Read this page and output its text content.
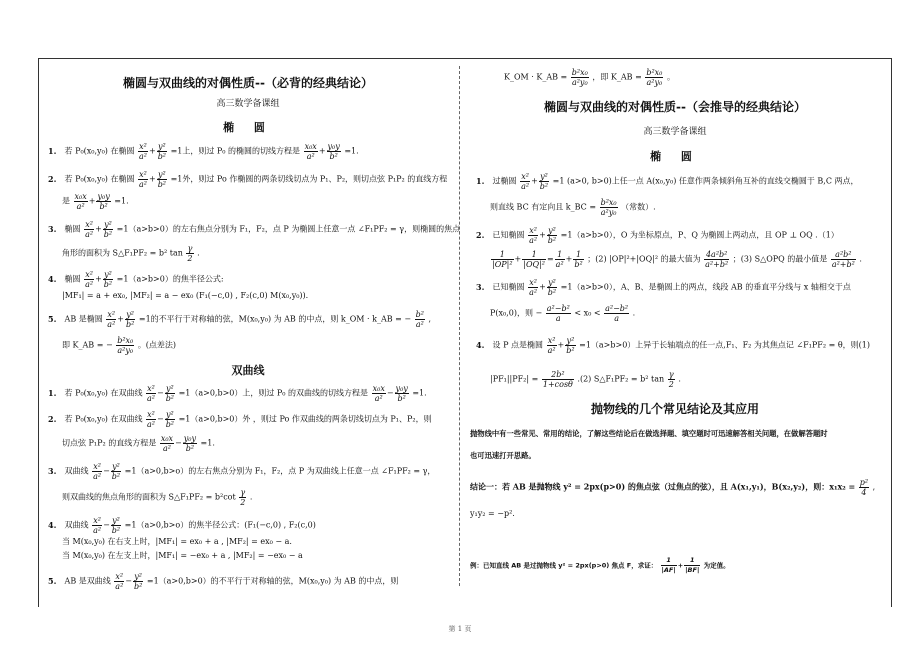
椭圆与双曲线的对偶性质--（必背的经典结论）
高三数学备课组
椭 圆
1. 若 P₀(x₀,y₀) 在椭圆 $\frac{\text{x²}}{\text{a²}} + \frac{\text{y²}}{\text{b²}} =1$上，则过 P₀ 的椭圆的切线方程是 $\frac{\text{x₀x}}{\text{a²}} + \frac{\text{y₀y}}{\text{b²}} =1$.
2. 若 P₀(x₀,y₀) 在椭圆 $\frac{\text{x²}}{\text{a²}} + \frac{\text{y²}}{\text{b²}} =1$外，则过 Po 作椭圆的两条切线切点为 P₁、P₂，则切点弦 P₁P₂ 的直线方程
是 $\frac{\text{x₀x}}{\text{a²}} + \frac{\text{y₀y}}{\text{b²}} =1$.
3. 椭圆 $\frac{\text{x²}}{\text{a²}} + \frac{\text{y²}}{\text{b²}} =1(a>b>0)$的左右焦点分别为 F₁，F₂，点 P 为椭圆上任意一点 ∠F₁PF₂ = γ，则椭圆的焦点
角形的面积为 S△F₁PF₂ = b² $\tan \frac{\gamma}{2}$ .
4. 椭圆 $\frac{\text{x²}}{\text{a²}} + \frac{\text{y²}}{\text{b²}} =1(a>b>0)$的焦半径公式:
|MF₁| = a + ex₀, |MF₂| = a − ex₀ (F₁(−c,0) , F₂(c,0) M(x₀,y₀)).
5. AB 是椭圆 $\frac{\text{x²}}{\text{a²}} + \frac{\text{y²}}{\text{b²}} =1$的不平行于对称轴的弦，M(x₀,y₀) 为 AB 的中点，则 k_OM · k_AB = − $\frac{\text{b²}}{\text{a²}}$ ,
即 K_AB = − $\frac{\text{b²x₀}}{\text{a²y₀}}$ 。(点差法)
双曲线
1. 若 P₀(x₀,y₀) 在双曲线 $\frac{\text{x²}}{\text{a²}} - \frac{\text{y²}}{\text{b²}} =1(a>0,b>0)$上，则过 P₀ 的双曲线的切线方程是 $\frac{\text{x₀x}}{\text{a²}} - \frac{\text{y₀y}}{\text{b²}} =1$.
2. 若 P₀(x₀,y₀) 在双曲线 $\frac{\text{x²}}{\text{a²}} - \frac{\text{y²}}{\text{b²}} =1(a>0,b>0)$外 ，则过 Po 作双曲线的两条切线切点为 P₁、P₂，则
切点弦 P₁P₂ 的直线方程是 $\frac{\text{x₀x}}{\text{a²}} - \frac{\text{y₀y}}{\text{b²}} =1$.
3. 双曲线 $\frac{\text{x²}}{\text{a²}} - \frac{\text{y²}}{\text{b²}} =1(a>0,b>o)$的左右焦点分别为 F₁，F₂，点 P 为双曲线上任意一点 ∠F₁PF₂ = γ，
则双曲线的焦点角形的面积为 S△F₁PF₂ = $b^2\cot \frac{\gamma}{2}$ .
4. 双曲线 $\frac{\text{x²}}{\text{a²}} - \frac{\text{y²}}{\text{b²}} =1(a>0,b>o)$的焦半径公式：(F₁(−c,0) , F₂(c,0)
当 M(x₀,y₀) 在右支上时，|MF₁| = ex₀ + a , |MF₂| = ex₀ − a.
当 M(x₀,y₀) 在左支上时，|MF₁| = −ex₀ + a , |MF₂| = −ex₀ − a
5. AB 是双曲线 $\frac{\text{x²}}{\text{a²}} - \frac{\text{y²}}{\text{b²}} =1(a>0,b>0)$的不平行于对称轴的弦，M(x₀,y₀) 为 AB 的中点，则
K_OM · K_AB = $\frac{\text{b²x₀}}{\text{a²y₀}}$ ，即 K_AB = $\frac{\text{b²x₀}}{\text{a²y₀}}$ 。
椭圆与双曲线的对偶性质--（会推导的经典结论）
高三数学备课组
椭 圆
1. 过椭圆 $\frac{\text{x²}}{\text{a²}} + \frac{\text{y²}}{\text{b²}} =1$ (a>0, b>0)上任一点 A(x₀,y₀) 任意作两条倾斜角互补的直线交椭圆于 B,C 两点，
则直线 BC 有定向且 k_BC = $\frac{\text{b²x₀}}{\text{a²y₀}}$ （常数）.
2. 已知椭圆 $\frac{\text{x²}}{\text{a²}} + \frac{\text{y²}}{\text{b²}} =1(a>b>0)$，O 为坐标原点，P、Q 为椭圆上两动点，且 OP ⊥ OQ .（1）
$\frac{1}{\text{|OP|²}} + \frac{1}{\text{|OQ|²}} = \frac{1}{\text{a²}} + \frac{1}{\text{b²}}$ ；(2) |OP|²+|OQ|² 的最大值为 $\frac{\text{4a²b²}}{\text{a²+b²}}$ ；(3) S△OPQ 的最小值是 $\frac{\text{a²b²}}{\text{a²+b²}}$ .
3. 已知椭圆 $\frac{\text{x²}}{\text{a²}} + \frac{\text{y²}}{\text{b²}} =1(a>b>0)$，A、B、是椭圆上的两点，线段 AB 的垂直平分线与 x 轴相交于点
P(x₀,0)，则 − $\frac{\text{a²−b²}}{a} < x_0 < \frac{\text{a²−b²}}{a}$ .
4. 设 P 点是椭圆 $\frac{\text{x²}}{\text{a²}} + \frac{\text{y²}}{\text{b²}} =1(a>b>0)$上异于长轴端点的任一点,F₁、F₂ 为其焦点记 ∠F₁PF₂ = θ，则(1)
$|PF_1||PF_2| = \frac{\text{2b²}}{1+\cos\theta} .(2)$ S△F₁PF₂ = b² $\tan \frac{\gamma}{2}$ .
抛物线的几个常见结论及其应用
抛物线中有一些常见、常用的结论，了解这些结论后在做选择题、填空题时可迅速解答相关问题，在做解答题时
也可迅速打开思路。
结论一：若 AB 是抛物线 y² = 2px(p>0) 的焦点弦（过焦点的弦），且 A(x₁,y₁)，B(x₂,y₂)，则：$x_1x_2 = \frac{\text{p²}}{4}$ ,
y₁y₂ = −p².
例：已知直线 AB 是过抛物线 y² = 2px(p>0) 焦点 F，求证： $\frac{1}{|AF|} + \frac{1}{|BF|}$ 为定值。
第 1 页
